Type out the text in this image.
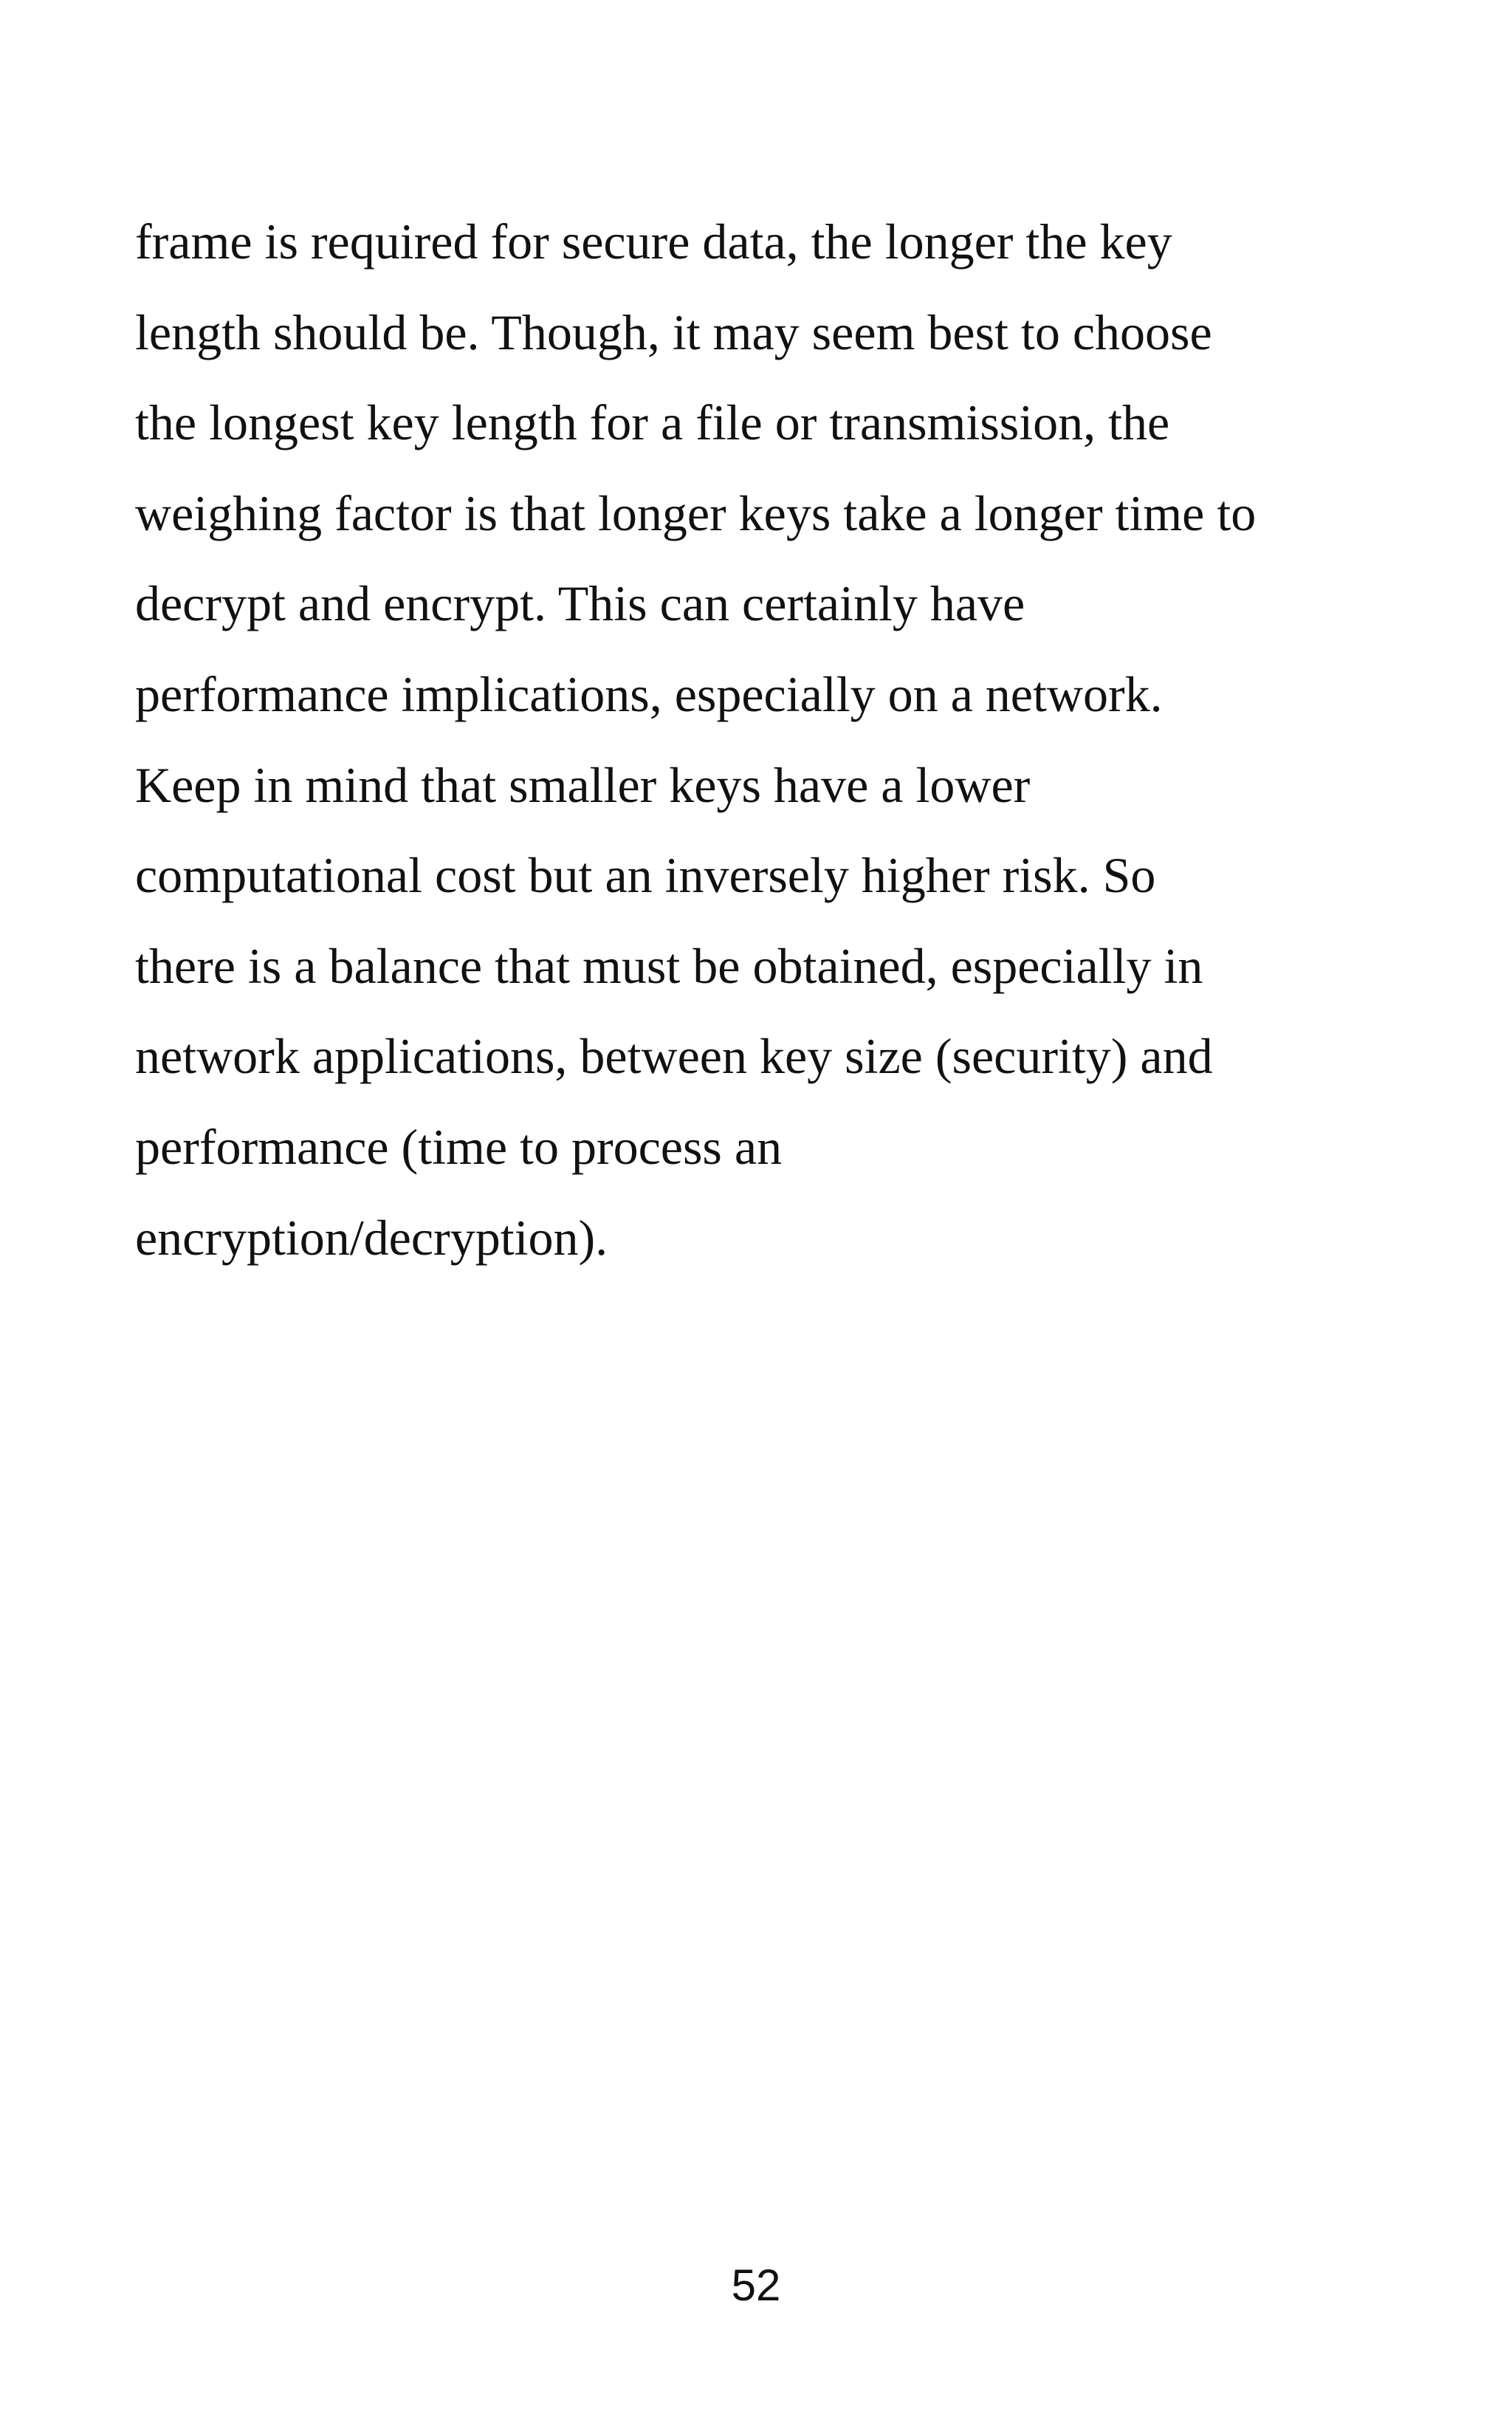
frame is required for secure data, the longer the key
length should be. Though, it may seem best to choose
the longest key length for a file or transmission, the
weighing factor is that longer keys take a longer time to
decrypt and encrypt. This can certainly have
performance implications, especially on a network.
Keep in mind that smaller keys have a lower
computational cost but an inversely higher risk. So
there is a balance that must be obtained, especially in
network applications, between key size (security) and
performance (time to process an
encryption/decryption).
52
